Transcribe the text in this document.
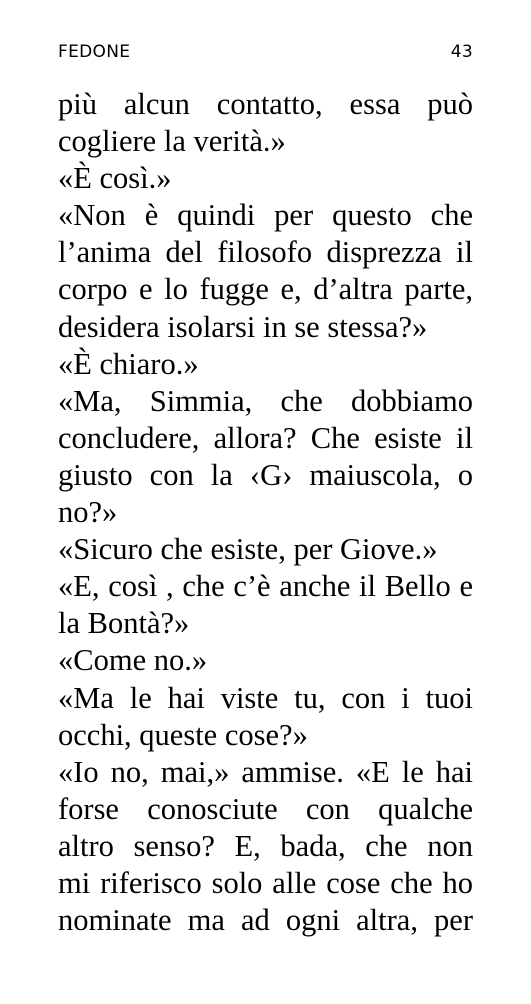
FEDONE	43
più alcun contatto, essa può
cogliere la verità.»
«È così.»
«Non è quindi per questo che
l’anima del filosofo disprezza il
corpo e lo fugge e, d’altra parte,
desidera isolarsi in se stessa?»
«È chiaro.»
«Ma, Simmia, che dobbiamo
concludere, allora? Che esiste il
giusto con la ‹G› maiuscola, o
no?»
«Sicuro che esiste, per Giove.»
«E, così , che c’è anche il Bello e
la Bontà?»
«Come no.»
«Ma le hai viste tu, con i tuoi
occhi, queste cose?»
«Io no, mai,» ammise. «E le hai
forse conosciute con qualche
altro senso? E, bada, che non
mi riferisco solo alle cose che ho
nominate ma ad ogni altra, per
